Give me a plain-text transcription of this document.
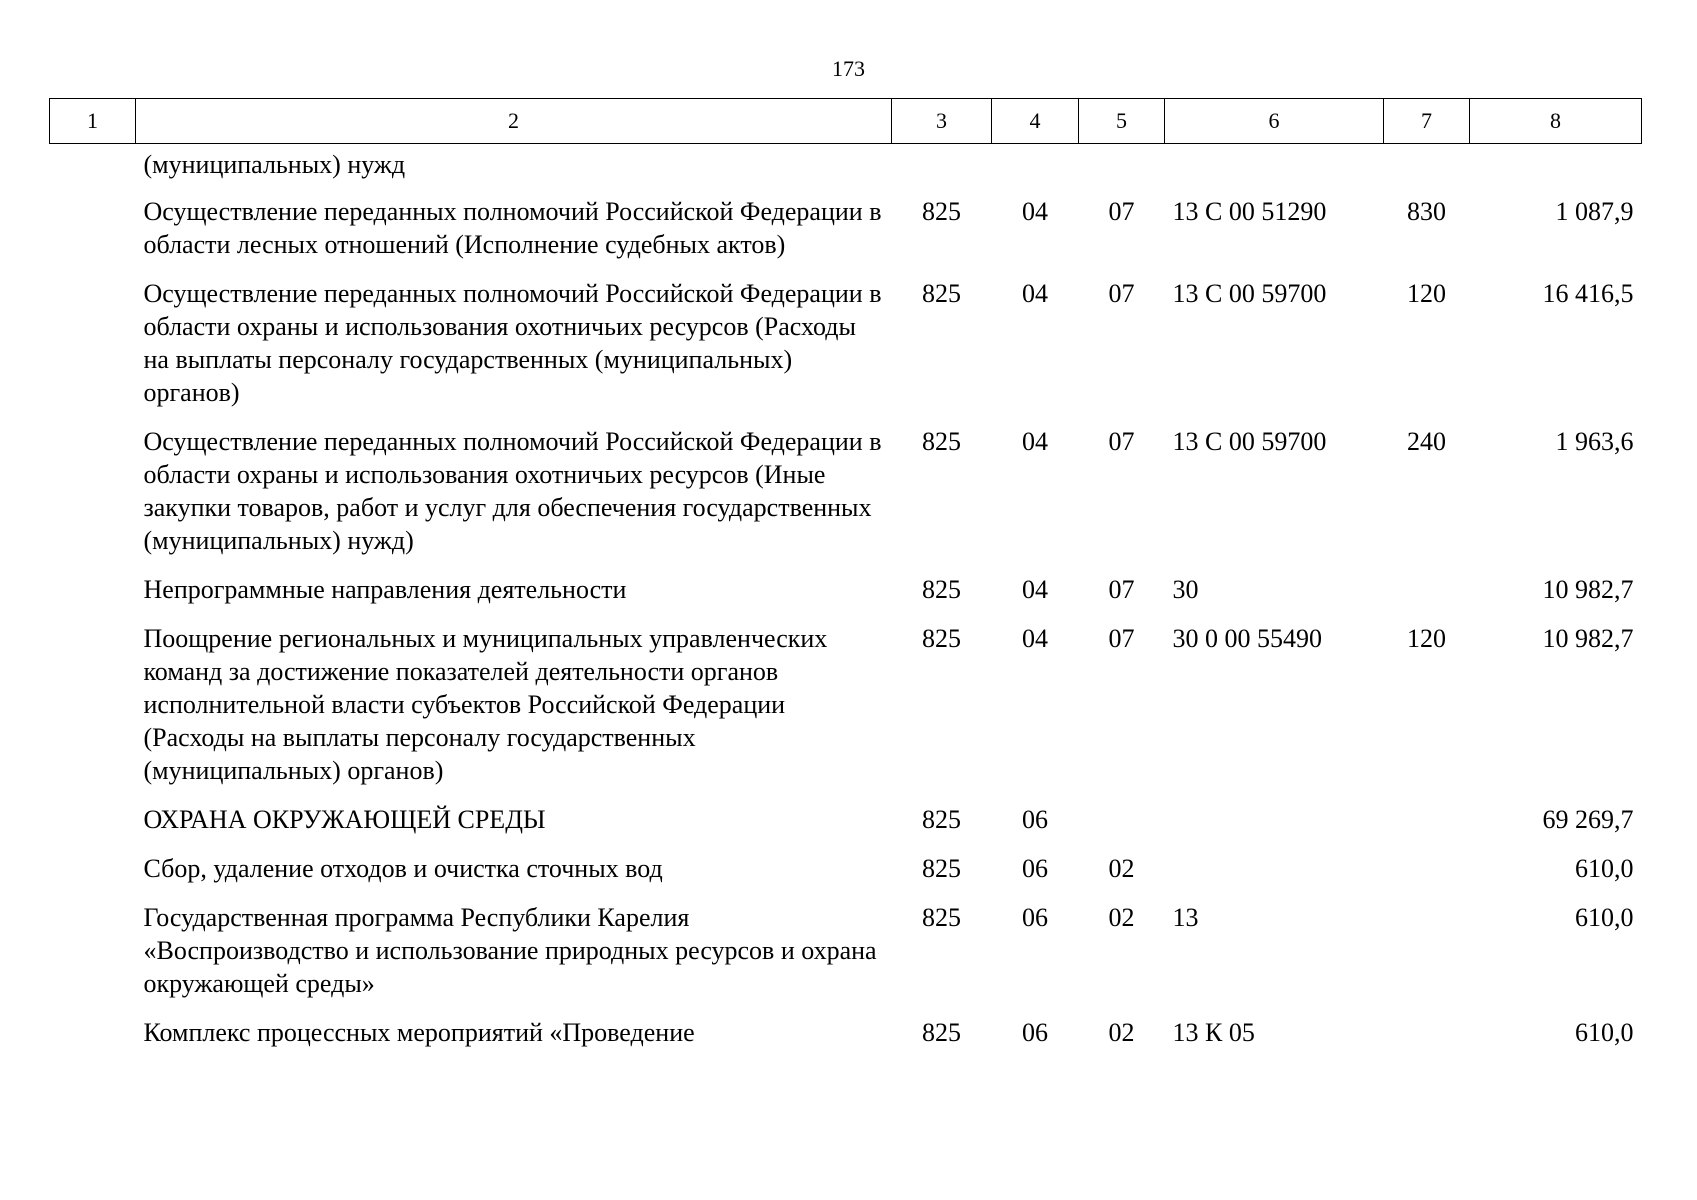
173
1	2	3	4	5	6	7	8
	(муниципальных) нужд						
	Осуществление переданных полномочий Российской Федерации в области лесных отношений (Исполнение судебных актов)	825	04	07	13 С 00 51290	830	1 087,9
	Осуществление переданных полномочий Российской Федерации в области охраны и использования охотничьих ресурсов (Расходы на выплаты персоналу государственных (муниципальных) органов)	825	04	07	13 С 00 59700	120	16 416,5
	Осуществление переданных полномочий Российской Федерации в области охраны и использования охотничьих ресурсов (Иные закупки товаров, работ и услуг для обеспечения государственных (муниципальных) нужд)	825	04	07	13 С 00 59700	240	1 963,6
	Непрограммные направления деятельности	825	04	07	30		10 982,7
	Поощрение региональных и муниципальных управленческих команд за достижение показателей деятельности органов исполнительной власти субъектов Российской Федерации (Расходы на выплаты персоналу государственных (муниципальных) органов)	825	04	07	30 0 00 55490	120	10 982,7
	ОХРАНА ОКРУЖАЮЩЕЙ СРЕДЫ	825	06				69 269,7
	Сбор, удаление отходов и очистка сточных вод	825	06	02			610,0
	Государственная программа Республики Карелия «Воспроизводство и использование природных ресурсов и охрана окружающей среды»	825	06	02	13		610,0
	Комплекс процессных мероприятий «Проведение	825	06	02	13 К 05		610,0
